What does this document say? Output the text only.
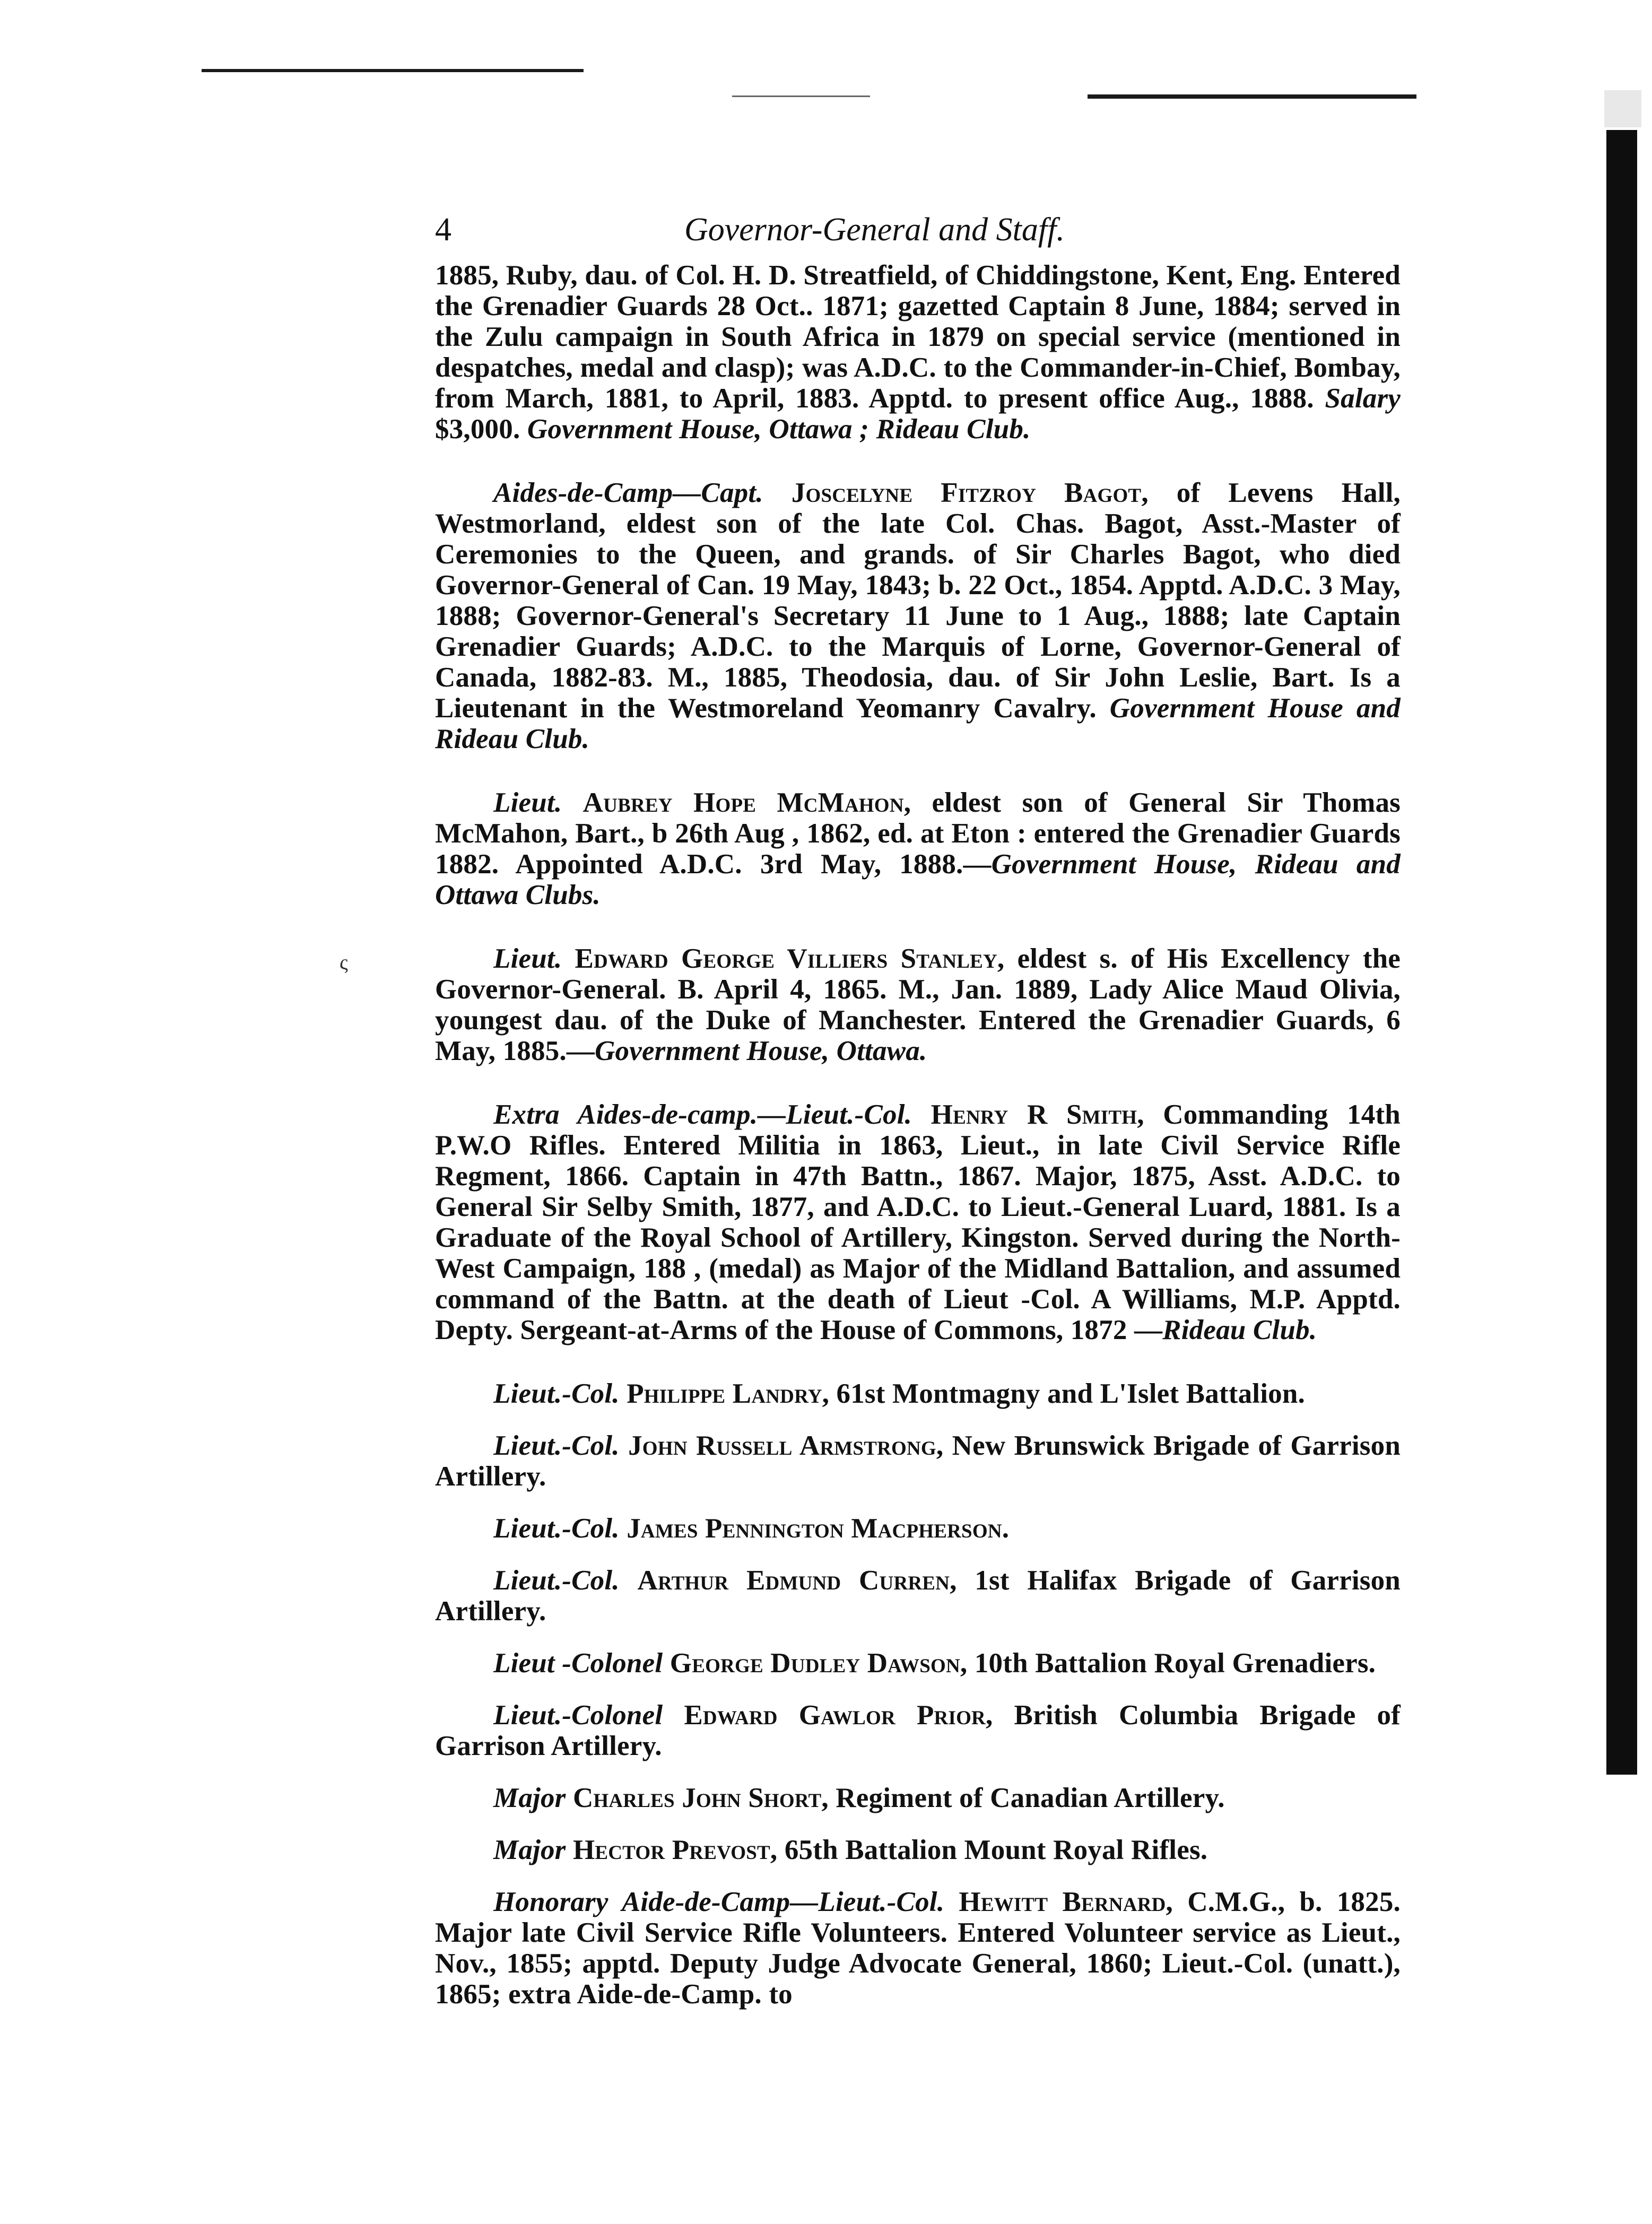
ς
4	Governor-General and Staff.

1885, Ruby, dau. of Col. H. D. Streatfield, of Chiddingstone, Kent, Eng. Entered the Grenadier Guards 28 Oct.. 1871; gazetted Captain 8 June, 1884; served in the Zulu campaign in South Africa in 1879 on special service (mentioned in despatches, medal and clasp); was A.D.C. to the Commander-in-Chief, Bombay, from March, 1881, to April, 1883. Apptd. to present office Aug., 1888. Salary $3,000. Government House, Ottawa ; Rideau Club.

Aides-de-Camp—Capt. Joscelyne Fitzroy Bagot, of Levens Hall, Westmorland, eldest son of the late Col. Chas. Bagot, Asst.-Master of Ceremonies to the Queen, and grands. of Sir Charles Bagot, who died Governor-General of Can. 19 May, 1843; b. 22 Oct., 1854. Apptd. A.D.C. 3 May, 1888; Governor-General's Secretary 11 June to 1 Aug., 1888; late Captain Grenadier Guards; A.D.C. to the Marquis of Lorne, Governor-General of Canada, 1882-83. M., 1885, Theodosia, dau. of Sir John Leslie, Bart. Is a Lieutenant in the Westmoreland Yeomanry Cavalry. Government House and Rideau Club.

Lieut. Aubrey Hope McMahon, eldest son of General Sir Thomas McMahon, Bart., b 26th Aug , 1862, ed. at Eton : entered the Grenadier Guards 1882. Appointed A.D.C. 3rd May, 1888.—Government House, Rideau and Ottawa Clubs.

Lieut. Edward George Villiers Stanley, eldest s. of His Excellency the Governor-General. B. April 4, 1865. M., Jan. 1889, Lady Alice Maud Olivia, youngest dau. of the Duke of Manchester. Entered the Grenadier Guards, 6 May, 1885.—Government House, Ottawa.

Extra Aides-de-camp.—Lieut.-Col. Henry R Smith, Commanding 14th P.W.O Rifles. Entered Militia in 1863, Lieut., in late Civil Service Rifle Regment, 1866. Captain in 47th Battn., 1867. Major, 1875, Asst. A.D.C. to General Sir Selby Smith, 1877, and A.D.C. to Lieut.-General Luard, 1881. Is a Graduate of the Royal School of Artillery, Kingston. Served during the North-West Campaign, 188 , (medal) as Major of the Midland Battalion, and assumed command of the Battn. at the death of Lieut -Col. A Williams, M.P. Apptd. Depty. Sergeant-at-Arms of the House of Commons, 1872 —Rideau Club.

Lieut.-Col. Philippe Landry, 61st Montmagny and L'Islet Battalion.

Lieut.-Col. John Russell Armstrong, New Brunswick Brigade of Garrison Artillery.

Lieut.-Col. James Pennington Macpherson.

Lieut.-Col. Arthur Edmund Curren, 1st Halifax Brigade of Garrison Artillery.

Lieut -Colonel George Dudley Dawson, 10th Battalion Royal Grenadiers.

Lieut.-Colonel Edward Gawlor Prior, British Columbia Brigade of Garrison Artillery.

Major Charles John Short, Regiment of Canadian Artillery.

Major Hector Prevost, 65th Battalion Mount Royal Rifles.

Honorary Aide-de-Camp—Lieut.-Col. Hewitt Bernard, C.M.G., b. 1825. Major late Civil Service Rifle Volunteers. Entered Volunteer service as Lieut., Nov., 1855; apptd. Deputy Judge Advocate General, 1860; Lieut.-Col. (unatt.), 1865; extra Aide-de-Camp. to
